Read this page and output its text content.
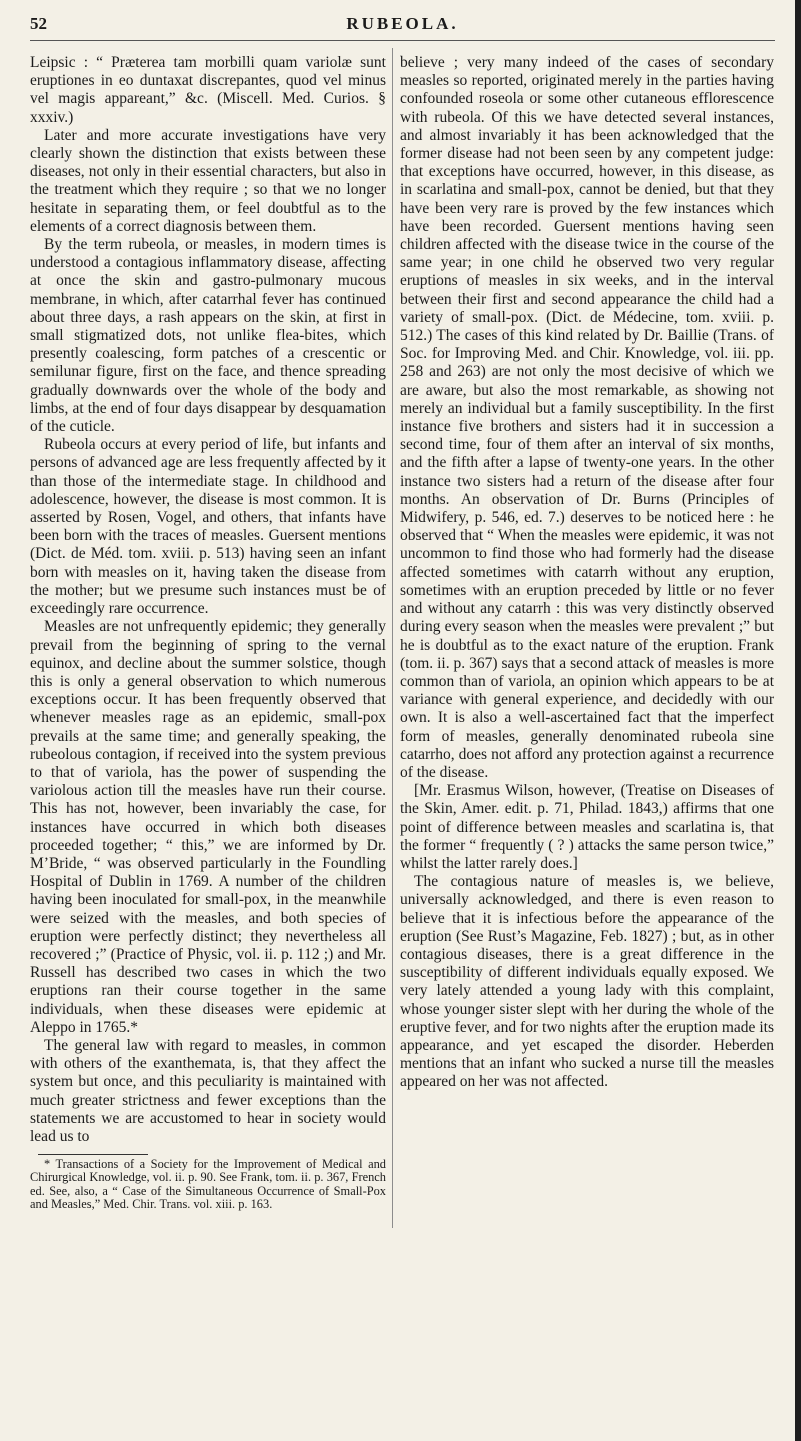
52	RUBEOLA.

Leipsic : “ Præterea tam morbilli quam variolæ sunt eruptiones in eo duntaxat discrepantes, quod vel minus vel magis appareant,” &c. (Miscell. Med. Curios. § xxxiv.)

Later and more accurate investigations have very clearly shown the distinction that exists between these diseases, not only in their essential characters, but also in the treatment which they require ; so that we no longer hesitate in separating them, or feel doubtful as to the elements of a correct diagnosis between them.

By the term rubeola, or measles, in modern times is understood a contagious inflammatory disease, affecting at once the skin and gastro-pulmonary mucous membrane, in which, after catarrhal fever has continued about three days, a rash appears on the skin, at first in small stigmatized dots, not unlike flea-bites, which presently coalescing, form patches of a crescentic or semilunar figure, first on the face, and thence spreading gradually downwards over the whole of the body and limbs, at the end of four days disappear by desquamation of the cuticle.

Rubeola occurs at every period of life, but infants and persons of advanced age are less frequently affected by it than those of the intermediate stage. In childhood and adolescence, however, the disease is most common. It is asserted by Rosen, Vogel, and others, that infants have been born with the traces of measles. Guersent mentions (Dict. de Méd. tom. xviii. p. 513) having seen an infant born with measles on it, having taken the disease from the mother; but we presume such instances must be of exceedingly rare occurrence.

Measles are not unfrequently epidemic; they generally prevail from the beginning of spring to the vernal equinox, and decline about the summer solstice, though this is only a general observation to which numerous exceptions occur. It has been frequently observed that whenever measles rage as an epidemic, small-pox prevails at the same time; and generally speaking, the rubeolous contagion, if received into the system previous to that of variola, has the power of suspending the variolous action till the measles have run their course. This has not, however, been invariably the case, for instances have occurred in which both diseases proceeded together; “ this,” we are informed by Dr. M’Bride, “ was observed particularly in the Foundling Hospital of Dublin in 1769. A number of the children having been inoculated for small-pox, in the meanwhile were seized with the measles, and both species of eruption were perfectly distinct; they nevertheless all recovered ;” (Practice of Physic, vol. ii. p. 112 ;) and Mr. Russell has described two cases in which the two eruptions ran their course together in the same individuals, when these diseases were epidemic at Aleppo in 1765.*

The general law with regard to measles, in common with others of the exanthemata, is, that they affect the system but once, and this peculiarity is maintained with much greater strictness and fewer exceptions than the statements we are accustomed to hear in society would lead us to

* Transactions of a Society for the Improvement of Medical and Chirurgical Knowledge, vol. ii. p. 90. See Frank, tom. ii. p. 367, French ed. See, also, a “ Case of the Simultaneous Occurrence of Small-Pox and Measles,” Med. Chir. Trans. vol. xiii. p. 163.

believe ; very many indeed of the cases of secondary measles so reported, originated merely in the parties having confounded roseola or some other cutaneous efflorescence with rubeola. Of this we have detected several instances, and almost invariably it has been acknowledged that the former disease had not been seen by any competent judge: that exceptions have occurred, however, in this disease, as in scarlatina and small-pox, cannot be denied, but that they have been very rare is proved by the few instances which have been recorded. Guersent mentions having seen children affected with the disease twice in the course of the same year; in one child he observed two very regular eruptions of measles in six weeks, and in the interval between their first and second appearance the child had a variety of small-pox. (Dict. de Médecine, tom. xviii. p. 512.) The cases of this kind related by Dr. Baillie (Trans. of Soc. for Improving Med. and Chir. Knowledge, vol. iii. pp. 258 and 263) are not only the most decisive of which we are aware, but also the most remarkable, as showing not merely an individual but a family susceptibility. In the first instance five brothers and sisters had it in succession a second time, four of them after an interval of six months, and the fifth after a lapse of twenty-one years. In the other instance two sisters had a return of the disease after four months. An observation of Dr. Burns (Principles of Midwifery, p. 546, ed. 7.) deserves to be noticed here : he observed that “ When the measles were epidemic, it was not uncommon to find those who had formerly had the disease affected sometimes with catarrh without any eruption, sometimes with an eruption preceded by little or no fever and without any catarrh : this was very distinctly observed during every season when the measles were prevalent ;” but he is doubtful as to the exact nature of the eruption. Frank (tom. ii. p. 367) says that a second attack of measles is more common than of variola, an opinion which appears to be at variance with general experience, and decidedly with our own. It is also a well-ascertained fact that the imperfect form of measles, generally denominated rubeola sine catarrho, does not afford any protection against a recurrence of the disease.

[Mr. Erasmus Wilson, however, (Treatise on Diseases of the Skin, Amer. edit. p. 71, Philad. 1843,) affirms that one point of difference between measles and scarlatina is, that the former “ frequently ( ? ) attacks the same person twice,” whilst the latter rarely does.]

The contagious nature of measles is, we believe, universally acknowledged, and there is even reason to believe that it is infectious before the appearance of the eruption (See Rust’s Magazine, Feb. 1827) ; but, as in other contagious diseases, there is a great difference in the susceptibility of different individuals equally exposed. We very lately attended a young lady with this complaint, whose younger sister slept with her during the whole of the eruptive fever, and for two nights after the eruption made its appearance, and yet escaped the disorder. Heberden mentions that an infant who sucked a nurse till the measles appeared on her was not affected.
